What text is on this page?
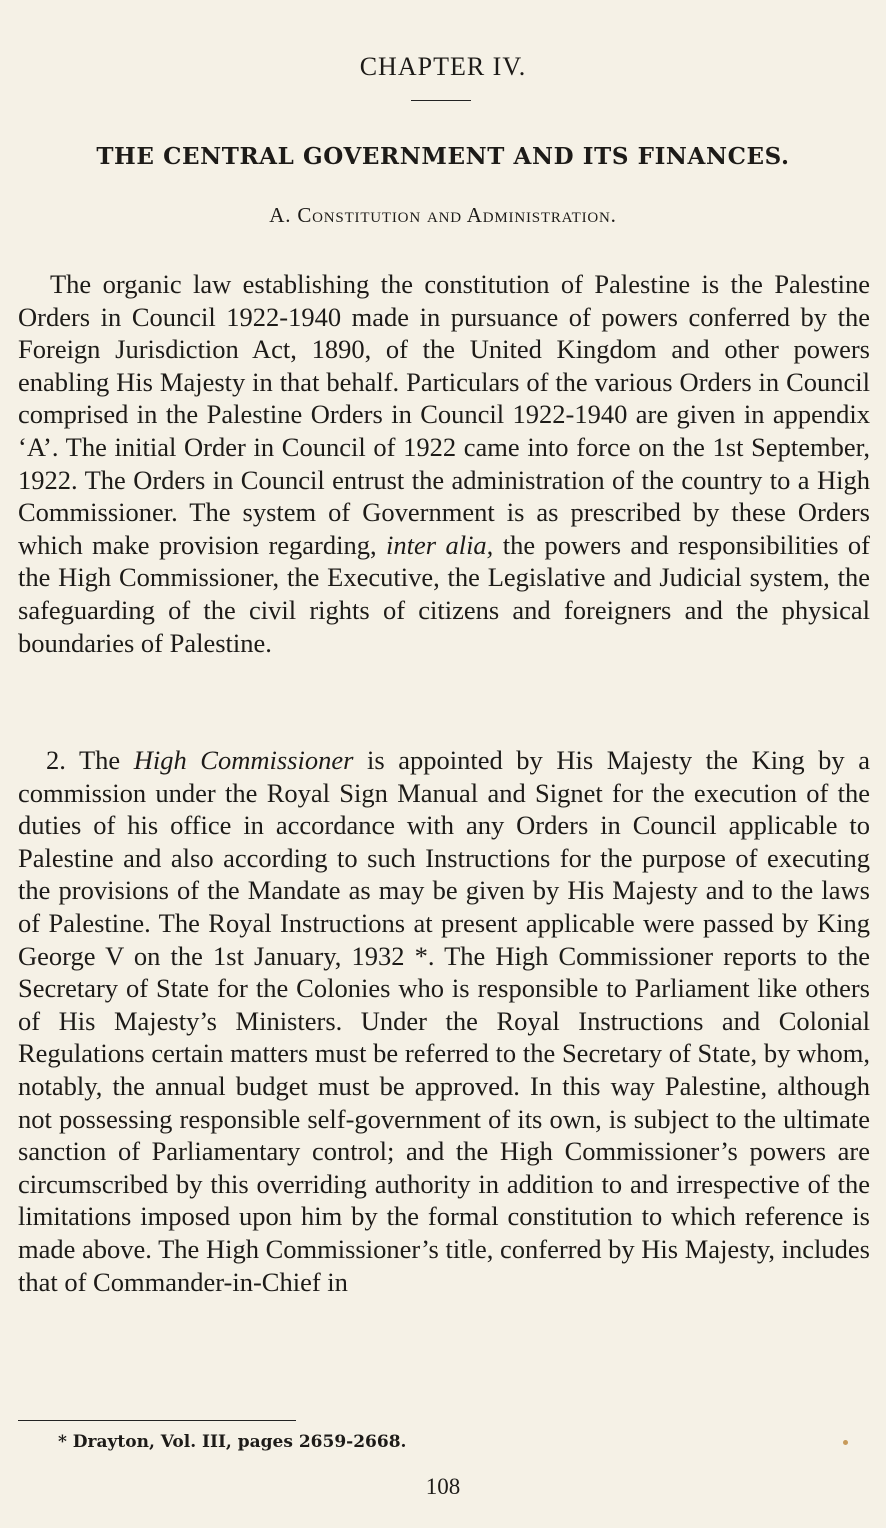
CHAPTER IV.
THE CENTRAL GOVERNMENT AND ITS FINANCES.
A. Constitution and Administration.

The organic law establishing the constitution of Palestine is the Palestine Orders in Council 1922-1940 made in pursuance of powers conferred by the Foreign Jurisdiction Act, 1890, of the United Kingdom and other powers enabling His Majesty in that behalf. Particulars of the various Orders in Council comprised in the Palestine Orders in Council 1922-1940 are given in appendix ‘A’. The initial Order in Council of 1922 came into force on the 1st September, 1922. The Orders in Council entrust the administration of the country to a High Commissioner. The system of Government is as prescribed by these Orders which make provision regarding, inter alia, the powers and responsibilities of the High Commissioner, the Executive, the Legislative and Judicial system, the safeguarding of the civil rights of citizens and foreigners and the physical boundaries of Palestine.

2. The High Commissioner is appointed by His Majesty the King by a commission under the Royal Sign Manual and Signet for the execution of the duties of his office in accordance with any Orders in Council applicable to Palestine and also according to such Instructions for the purpose of executing the provisions of the Mandate as may be given by His Majesty and to the laws of Palestine. The Royal Instructions at present applicable were passed by King George V on the 1st January, 1932 *. The High Commissioner reports to the Secretary of State for the Colonies who is responsible to Parliament like others of His Majesty’s Ministers. Under the Royal Instructions and Colonial Regulations certain matters must be referred to the Secretary of State, by whom, notably, the annual budget must be approved. In this way Palestine, although not possessing responsible self-government of its own, is subject to the ultimate sanction of Parliamentary control; and the High Commissioner’s powers are circumscribed by this overriding authority in addition to and irrespective of the limitations imposed upon him by the formal constitution to which reference is made above. The High Commissioner’s title, conferred by His Majesty, includes that of Commander-in-Chief in

* Drayton, Vol. III, pages 2659-2668.
108
